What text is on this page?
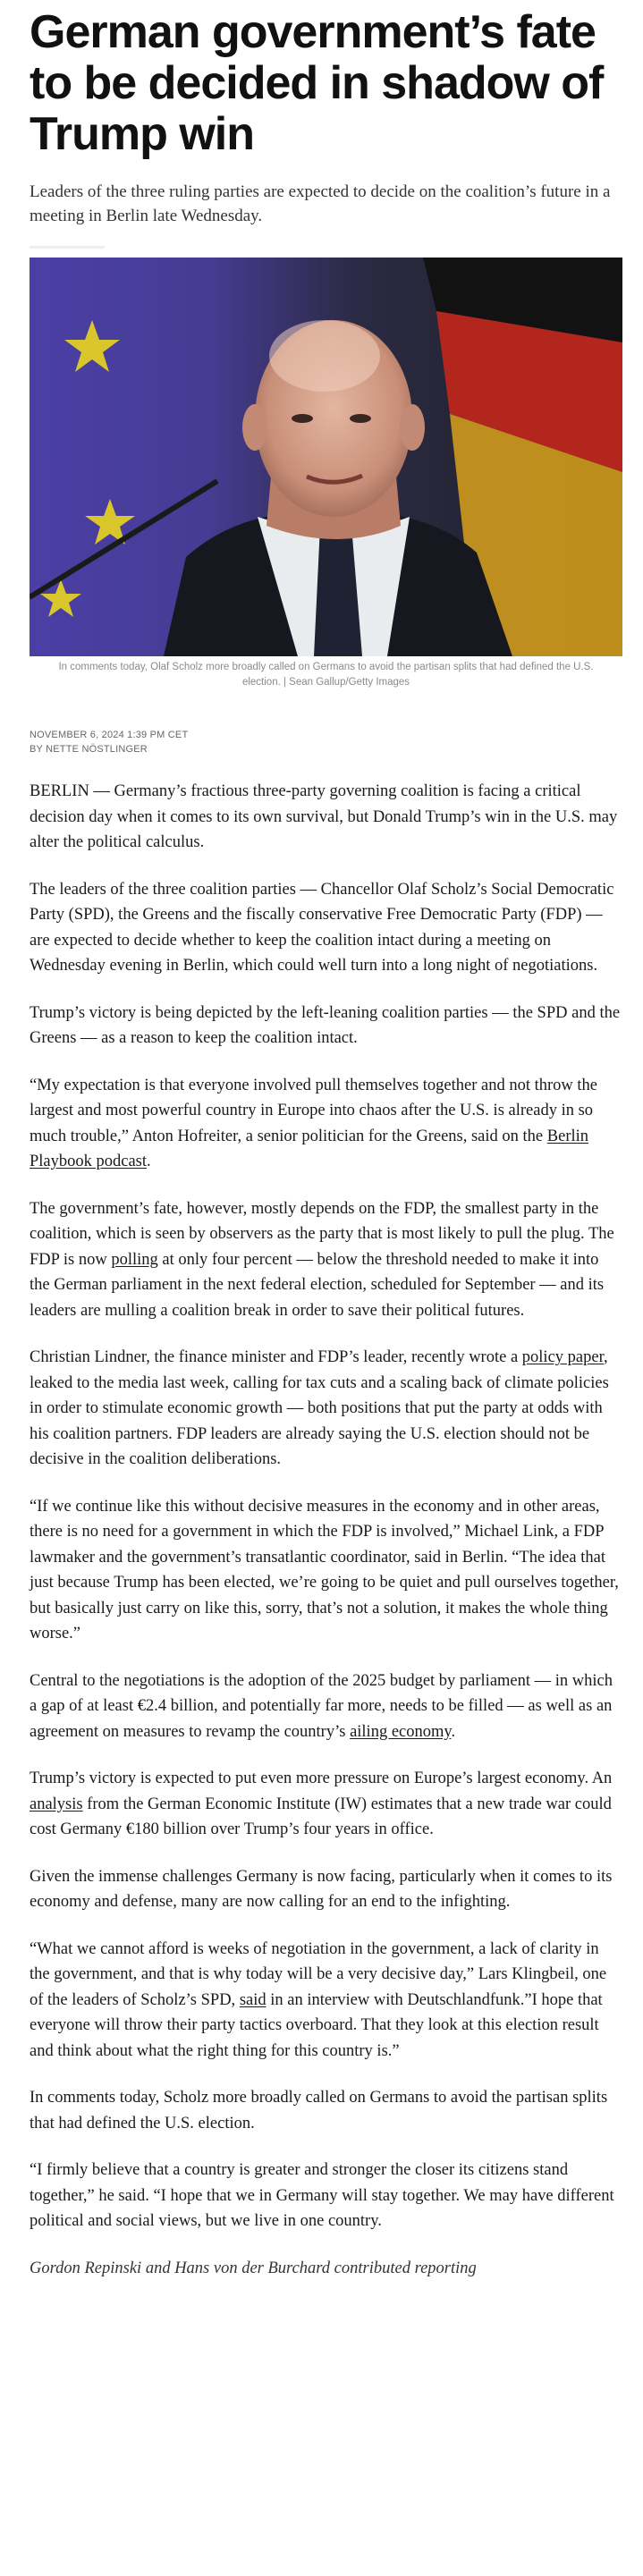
German government’s fate to be decided in shadow of Trump win

Leaders of the three ruling parties are expected to decide on the coalition’s future in a meeting in Berlin late Wednesday.

In comments today, Olaf Scholz more broadly called on Germans to avoid the partisan splits that had defined the U.S. election. | Sean Gallup/Getty Images

NOVEMBER 6, 2024 1:39 PM CET
BY NETTE NÖSTLINGER

BERLIN — Germany’s fractious three-party governing coalition is facing a critical decision day when it comes to its own survival, but Donald Trump’s win in the U.S. may alter the political calculus.

The leaders of the three coalition parties — Chancellor Olaf Scholz’s Social Democratic Party (SPD), the Greens and the fiscally conservative Free Democratic Party (FDP) — are expected to decide whether to keep the coalition intact during a meeting on Wednesday evening in Berlin, which could well turn into a long night of negotiations.

Trump’s victory is being depicted by the left-leaning coalition parties — the SPD and the Greens — as a reason to keep the coalition intact.

“My expectation is that everyone involved pull themselves together and not throw the largest and most powerful country in Europe into chaos after the U.S. is already in so much trouble,” Anton Hofreiter, a senior politician for the Greens, said on the Berlin Playbook podcast.

The government’s fate, however, mostly depends on the FDP, the smallest party in the coalition, which is seen by observers as the party that is most likely to pull the plug. The FDP is now polling at only four percent — below the threshold needed to make it into the German parliament in the next federal election, scheduled for September — and its leaders are mulling a coalition break in order to save their political futures.

Christian Lindner, the finance minister and FDP’s leader, recently wrote a policy paper, leaked to the media last week, calling for tax cuts and a scaling back of climate policies in order to stimulate economic growth — both positions that put the party at odds with his coalition partners. FDP leaders are already saying the U.S. election should not be decisive in the coalition deliberations.

“If we continue like this without decisive measures in the economy and in other areas, there is no need for a government in which the FDP is involved,” Michael Link, a FDP lawmaker and the government’s transatlantic coordinator, said in Berlin. “The idea that just because Trump has been elected, we’re going to be quiet and pull ourselves together, but basically just carry on like this, sorry, that’s not a solution, it makes the whole thing worse.”

Central to the negotiations is the adoption of the 2025 budget by parliament — in which a gap of at least €2.4 billion, and potentially far more, needs to be filled — as well as an agreement on measures to revamp the country’s ailing economy.

Trump’s victory is expected to put even more pressure on Europe’s largest economy. An analysis from the German Economic Institute (IW) estimates that a new trade war could cost Germany €180 billion over Trump’s four years in office.

Given the immense challenges Germany is now facing, particularly when it comes to its economy and defense, many are now calling for an end to the infighting.

“What we cannot afford is weeks of negotiation in the government, a lack of clarity in the government, and that is why today will be a very decisive day,” Lars Klingbeil, one of the leaders of Scholz’s SPD, said in an interview with Deutschlandfunk.”I hope that everyone will throw their party tactics overboard. That they look at this election result and think about what the right thing for this country is.”

In comments today, Scholz more broadly called on Germans to avoid the partisan splits that had defined the U.S. election.

“I firmly believe that a country is greater and stronger the closer its citizens stand together,” he said. “I hope that we in Germany will stay together. We may have different political and social views, but we live in one country.

Gordon Repinski and Hans von der Burchard contributed reporting
